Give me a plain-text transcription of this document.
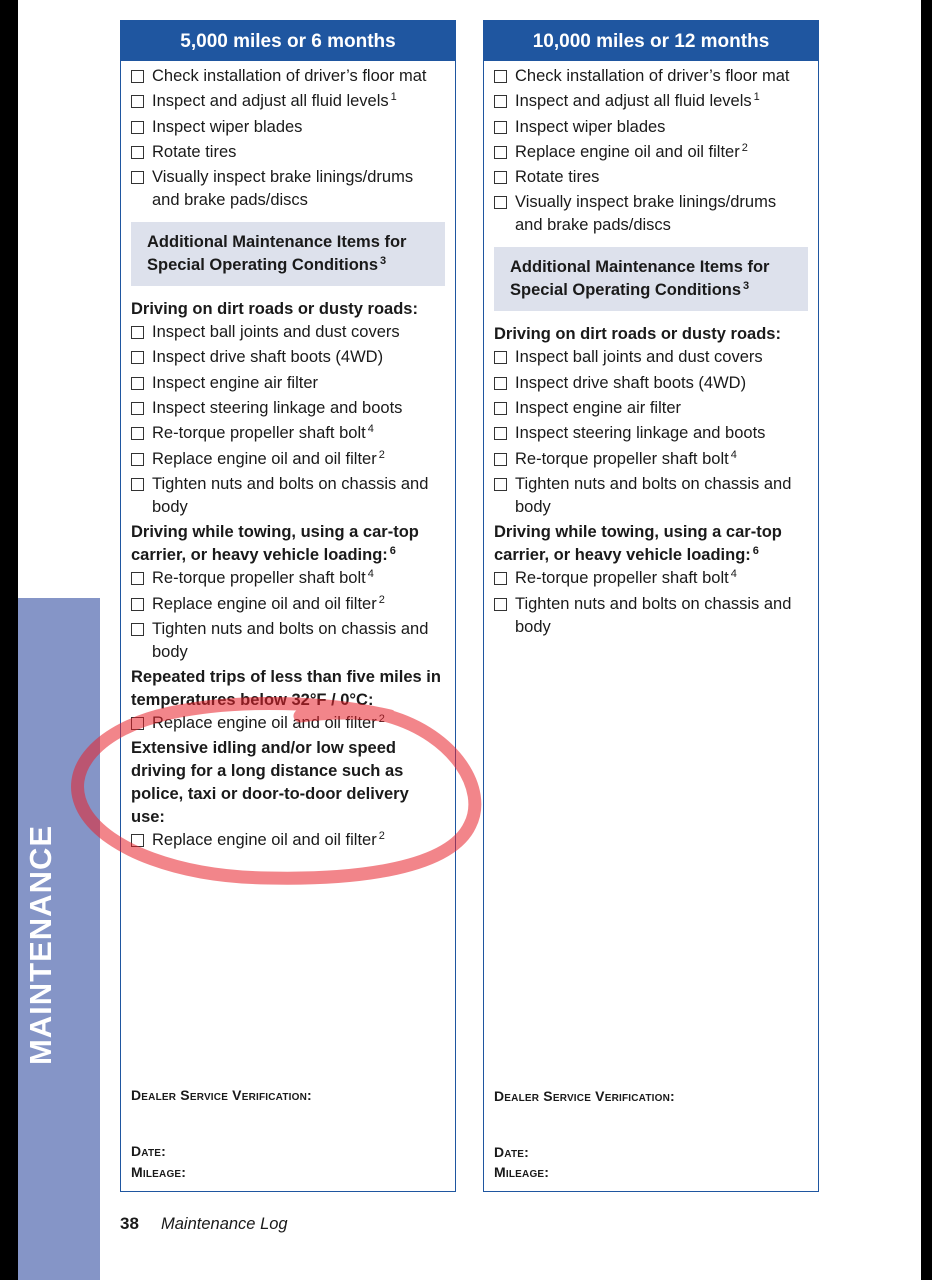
5,000 miles or 6 months
Check installation of driver’s floor mat
Inspect and adjust all fluid levels $^1$
Inspect wiper blades
Rotate tires
Visually inspect brake linings/drums and brake pads/discs
Additional Maintenance Items for Special Operating Conditions $^3$
Driving on dirt roads or dusty roads:
Inspect ball joints and dust covers
Inspect drive shaft boots (4WD)
Inspect engine air filter
Inspect steering linkage and boots
Re-torque propeller shaft bolt $^4$
Replace engine oil and oil filter $^2$
Tighten nuts and bolts on chassis and body
Driving while towing, using a car-top carrier, or heavy vehicle loading: $^6$
Re-torque propeller shaft bolt $^4$
Replace engine oil and oil filter $^2$
Tighten nuts and bolts on chassis and body
Repeated trips of less than five miles in temperatures below 32°F / 0°C:
Replace engine oil and oil filter $^2$
Extensive idling and/or low speed driving for a long distance such as police, taxi or door-to-door delivery use:
Replace engine oil and oil filter $^2$
Dealer Service Verification:
Date:
Mileage:
10,000 miles or 12 months
Check installation of driver’s floor mat
Inspect and adjust all fluid levels $^1$
Inspect wiper blades
Replace engine oil and oil filter $^2$
Rotate tires
Visually inspect brake linings/drums and brake pads/discs
Additional Maintenance Items for Special Operating Conditions $^3$
Driving on dirt roads or dusty roads:
Inspect ball joints and dust covers
Inspect drive shaft boots (4WD)
Inspect engine air filter
Inspect steering linkage and boots
Re-torque propeller shaft bolt $^4$
Tighten nuts and bolts on chassis and body
Driving while towing, using a car-top carrier, or heavy vehicle loading: $^6$
Re-torque propeller shaft bolt $^4$
Tighten nuts and bolts on chassis and body
Dealer Service Verification:
Date:
Mileage:
38 Maintenance Log
MAINTENANCE
